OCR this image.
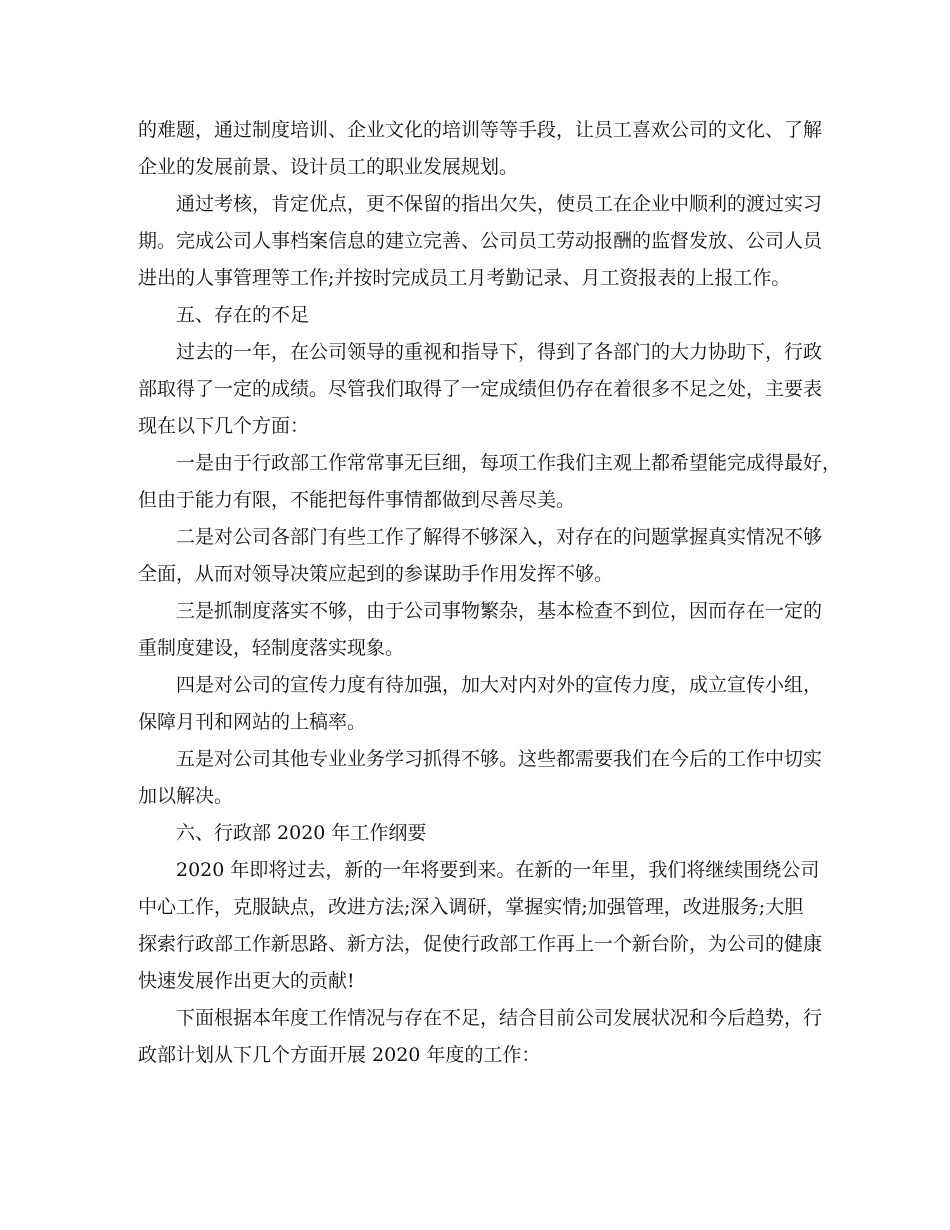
的难题，通过制度培训、企业文化的培训等等手段，让员工喜欢公司的文化、了解
企业的发展前景、设计员工的职业发展规划。
通过考核，肯定优点，更不保留的指出欠失，使员工在企业中顺利的渡过实习
期。完成公司人事档案信息的建立完善、公司员工劳动报酬的监督发放、公司人员
进出的人事管理等工作;并按时完成员工月考勤记录、月工资报表的上报工作。
五、存在的不足
过去的一年，在公司领导的重视和指导下，得到了各部门的大力协助下，行政
部取得了一定的成绩。尽管我们取得了一定成绩但仍存在着很多不足之处，主要表
现在以下几个方面：
一是由于行政部工作常常事无巨细，每项工作我们主观上都希望能完成得最好，
但由于能力有限，不能把每件事情都做到尽善尽美。
二是对公司各部门有些工作了解得不够深入，对存在的问题掌握真实情况不够
全面，从而对领导决策应起到的参谋助手作用发挥不够。
三是抓制度落实不够，由于公司事物繁杂，基本检查不到位，因而存在一定的
重制度建设，轻制度落实现象。
四是对公司的宣传力度有待加强，加大对内对外的宣传力度，成立宣传小组，
保障月刊和网站的上稿率。
五是对公司其他专业业务学习抓得不够。这些都需要我们在今后的工作中切实
加以解决。
六、行政部 2020 年工作纲要
2020 年即将过去，新的一年将要到来。在新的一年里，我们将继续围绕公司
中心工作，克服缺点，改进方法;深入调研，掌握实情;加强管理，改进服务;大胆
探索行政部工作新思路、新方法，促使行政部工作再上一个新台阶，为公司的健康
快速发展作出更大的贡献!
下面根据本年度工作情况与存在不足，结合目前公司发展状况和今后趋势，行
政部计划从下几个方面开展 2020 年度的工作：
